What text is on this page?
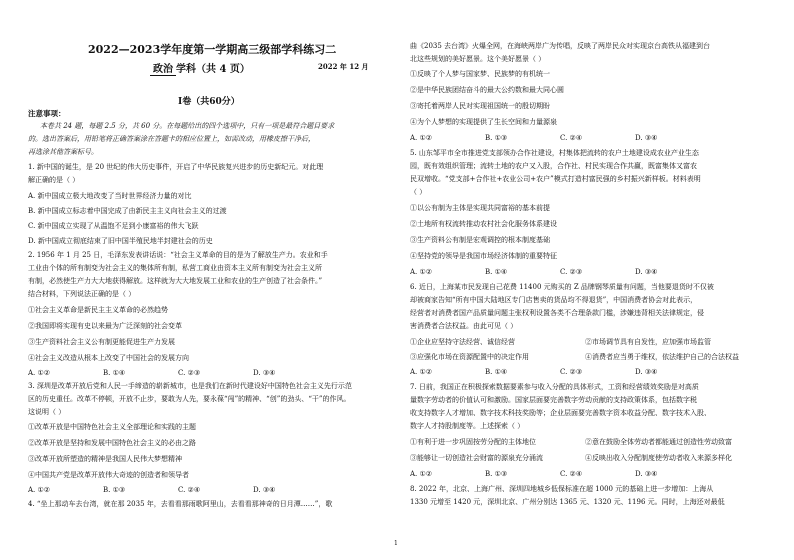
2022—2023学年度第一学期高三级部学科练习二
政治 学科（共 4 页）	2022 年 12 月
I卷（共60分）
注意事项：
本卷共 24 题，每题 2.5 分，共 60 分。在每题给出的四个选项中，只有一项是最符合题目要求
的。选出答案后，用铅笔将正确答案涂在答题卡的相应位置上，如需改动，用橡皮擦干净后，
再选涂其他答案标号。
1. 新中国的诞生，是 20 世纪的伟大历史事件，开启了中华民族复兴进步的历史新纪元。对此理
解正确的是（ ）
A. 新中国成立极大地改变了当时世界经济力量的对比
B. 新中国成立标志着中国完成了由新民主主义向社会主义的过渡
C. 新中国成立实现了从温饱不足到小康富裕的伟大飞跃
D. 新中国成立彻底结束了旧中国半殖民地半封建社会的历史
2. 1956 年 1 月 25 日，毛泽东发表讲话说：“社会主义革命的目的是为了解放生产力。农业和手
工业由个体的所有制变为社会主义的集体所有制，私营工商业由资本主义所有制变为社会主义所
有制，必然使生产力大大地获得解放。这样就为大大地发展工业和农业的生产创造了社会条件。”
结合材料，下列说法正确的是（ ）
①社会主义革命是新民主主义革命的必然趋势
②我国即将实现有史以来最为广泛深刻的社会变革
③生产资料社会主义公有制更能促进生产力发展
④社会主义改造从根本上改变了中国社会的发展方向
A. ①②	B. ①④	C. ②③	D. ③④
3. 深圳是改革开放后党和人民一手缔造的崭新城市，也是我们在新时代建设好中国特色社会主义先行示范
区的历史重任。改革不停顿，开放不止步，要敢为人先，要永葆“闯”的精神、“创”的劲头、“干”的作风。
这说明（ ）
①改革开放是中国特色社会主义全部理论和实践的主题
②改革开放是坚持和发展中国特色社会主义的必由之路
③改革开放所塑造的精神是我国人民伟大梦想精神
④中国共产党是改革开放伟大奇迹的创造者和领导者
A. ①②	B. ①③	C. ②④	D. ③④
4. “坐上那动车去台湾，就在那 2035 年，去看看那雨歌阿里山，去看看那神奇的日月潭……”，歌
曲《2035 去台湾》火爆全网，在海峡两岸广为传唱，反映了两岸民众对实现京台高铁从福建到台
北这些规划的美好愿景。这个美好愿景（ ）
①反映了个人梦与国家梦、民族梦的有机统一
②是中华民族团结奋斗的最大公约数和最大同心圆
③寄托着两岸人民对实现祖国统一的殷切期盼
④为个人梦想的实现提供了生长空间和力量源泉
A. ①②	B. ①③	C. ②④	D. ③④
5. 山东邹平市全市推进党支部领办合作社建设，村集体把流转的农户土地建设成农业产业生态
园，既有效组织管理；流转土地的农户又入股，合作社、村民实现合作共赢，既富集体又富农
民双增收。“党支部+合作社+农业公司+农户”模式打造村富民强的乡村振兴新样板。材料表明
（ ）
①以公有制为主体是实现共同富裕的基本前提
②土地所有权流转推动农村社会化服务体系建设
③生产资料公有制是宏观调控的根本制度基础
④坚持党的领导是我国市场经济体制的重要特征
A. ①②	B. ①④	C. ②③	D. ③④
6. 近日，上海某市民发现自己花费 11400 元购买的 Z 品牌钢琴质量有问题，当他要退货时不仅被
却被商家告知“所有中国大陆地区专门店售卖的货品均不得退货”，中国消费者协会对此表示，
经营者对消费者国产品质量问题主张权利设置各类不合理条款门槛，涉嫌违背相关法律规定，侵
害消费者合法权益。由此可见（ ）
①企业应坚持守法经营、诚信经营	②市场调节具有自发性，应加强市场监管
③应强化市场在资源配置中的决定作用	④消费者应当勇于维权，依法维护自己的合法权益
A. ①②	B. ①④	C. ②③	D. ③④
7. 日前，我国正在积极探索数据要素参与收入分配的具体形式，工资和经营绩效奖励是对高质
量数字劳动者的价值认可和激励。国家层面要完善数字劳动贡献的支持政策体系，包括数字税
收支持数字人才增加、数字技术科技奖励等；企业层面要完善数字资本收益分配、数字技术入股、
数字人才持股制度等。上述探索（ ）
①有利于进一步巩固按劳分配的主体地位	②意在鼓励全体劳动者都能通过创造性劳动致富
③能够让一切创造社会财富的源泉充分涌流	④反映出收入分配制度使劳动者收入来源多样化
A. ①②	B. ①③	C. ②④	D. ③④
8. 2022 年，北京、上海广州、深圳四地城乡低保标准在超 1000 元的基础上进一步增加：上海从
1330 元增至 1420 元，深圳北京、广州分别达 1365 元、1320 元、1196 元。同时，上海还对最低
1
